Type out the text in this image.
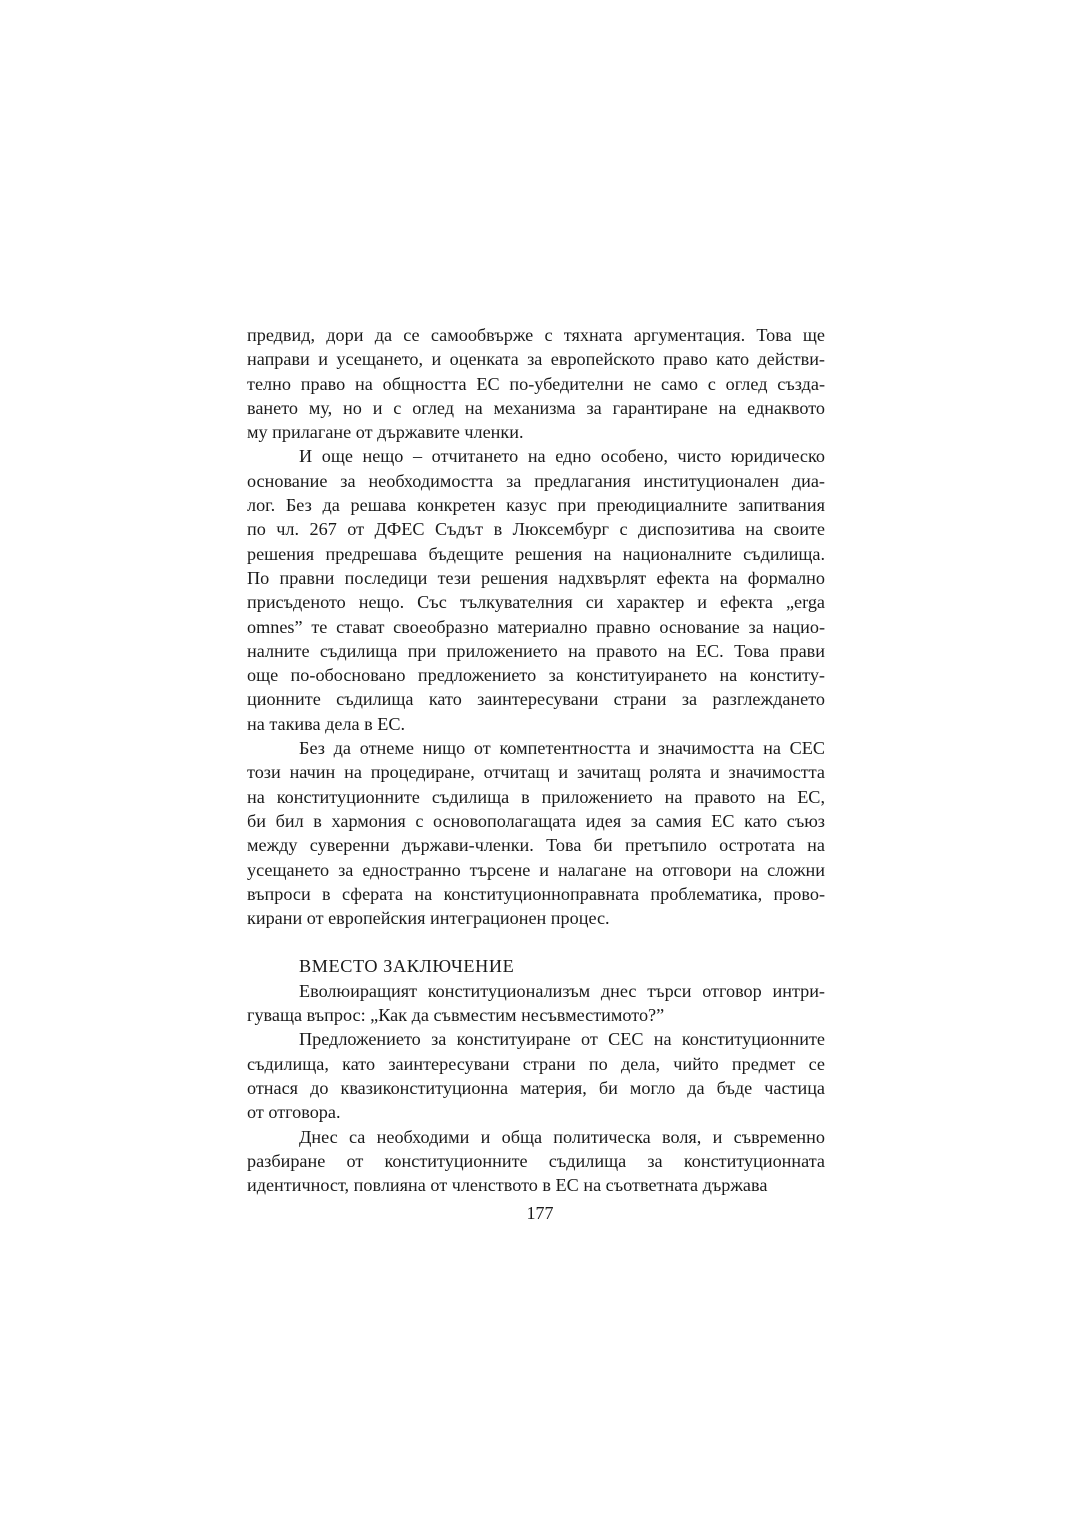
предвид, дори да се самообвърже с тяхната аргументация. Това ще
направи и усещането, и оценката за европейското право като действи-
телно право на общността ЕС по-убедителни не само с оглед създа-
ването му, но и с оглед на механизма за гарантиране на еднаквото
му прилагане от държавите членки.
И още нещо – отчитането на едно особено, чисто юридическо
основание за необходимостта за предлагания институционален диа-
лог. Без да решава конкретен казус при преюдициалните запитвания
по чл. 267 от ДФЕС Съдът в Люксембург с диспозитива на своите
решения предрешава бъдещите решения на националните съдилища.
По правни последици тези решения надхвърлят ефекта на формално
присъденото нещо. Със тълкувателния си характер и ефекта „erga
omnes” те стават своеобразно материално правно основание за нацио-
налните съдилища при приложението на правото на ЕС. Това прави
още по-обосновано предложението за конституирането на конститу-
ционните съдилища като заинтересувани страни за разглеждането
на такива дела в ЕС.
Без да отнеме нищо от компетентността и значимостта на СЕС
този начин на процедиране, отчитащ и зачитащ ролята и значимостта
на конституционните съдилища в приложението на правото на ЕС,
би бил в хармония с основополагащата идея за самия ЕС като съюз
между суверенни държави-членки. Това би претъпило остротата на
усещането за едностранно търсене и налагане на отговори на сложни
въпроси в сферата на конституционноправната проблематика, прово-
кирани от европейския интеграционен процес.
ВМЕСТО ЗАКЛЮЧЕНИЕ
Еволюиращият конституционализъм днес търси отговор интри-
гуваща въпрос: „Как да съвместим несъвместимото?”
Предложението за конституиране от СЕС на конституционните
съдилища, като заинтересувани страни по дела, чийто предмет се
отнася до квазиконституционна материя, би могло да бъде частица
от отговора.
Днес са необходими и обща политическа воля, и съвременно
разбиране от конституционните съдилища за конституционната
идентичност, повлияна от членството в ЕС на съответната държава
177
